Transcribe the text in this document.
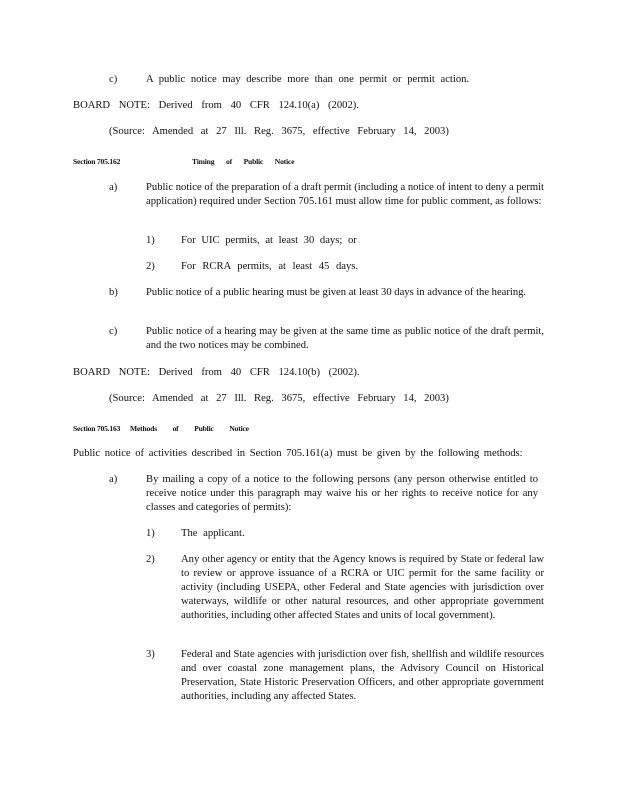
c)	A public notice may describe more than one permit or permit action.
BOARD NOTE: Derived from 40 CFR 124.10(a) (2002).
(Source: Amended at 27 Ill. Reg. 3675, effective February 14, 2003)
Section 705.162	Timing of Public Notice
a)	Public notice of the preparation of a draft permit (including a notice of intent to deny a permit application) required under Section 705.161 must allow time for public comment, as follows:
1) For UIC permits, at least 30 days; or
2) For RCRA permits, at least 45 days.
b)	Public notice of a public hearing must be given at least 30 days in advance of the hearing.
c)	Public notice of a hearing may be given at the same time as public notice of the draft permit, and the two notices may be combined.
BOARD NOTE: Derived from 40 CFR 124.10(b) (2002).
(Source: Amended at 27 Ill. Reg. 3675, effective February 14, 2003)
Section 705.163 Methods of Public Notice
Public notice of activities described in Section 705.161(a) must be given by the following methods:
a)	By mailing a copy of a notice to the following persons (any person otherwise entitled to receive notice under this paragraph may waive his or her rights to receive notice for any classes and categories of permits):
1) The applicant.
2) Any other agency or entity that the Agency knows is required by State or federal law to review or approve issuance of a RCRA or UIC permit for the same facility or activity (including USEPA, other Federal and State agencies with jurisdiction over waterways, wildlife or other natural resources, and other appropriate government authorities, including other affected States and units of local government).
3) Federal and State agencies with jurisdiction over fish, shellfish and wildlife resources and over coastal zone management plans, the Advisory Council on Historical Preservation, State Historic Preservation Officers, and other appropriate government authorities, including any affected States.
